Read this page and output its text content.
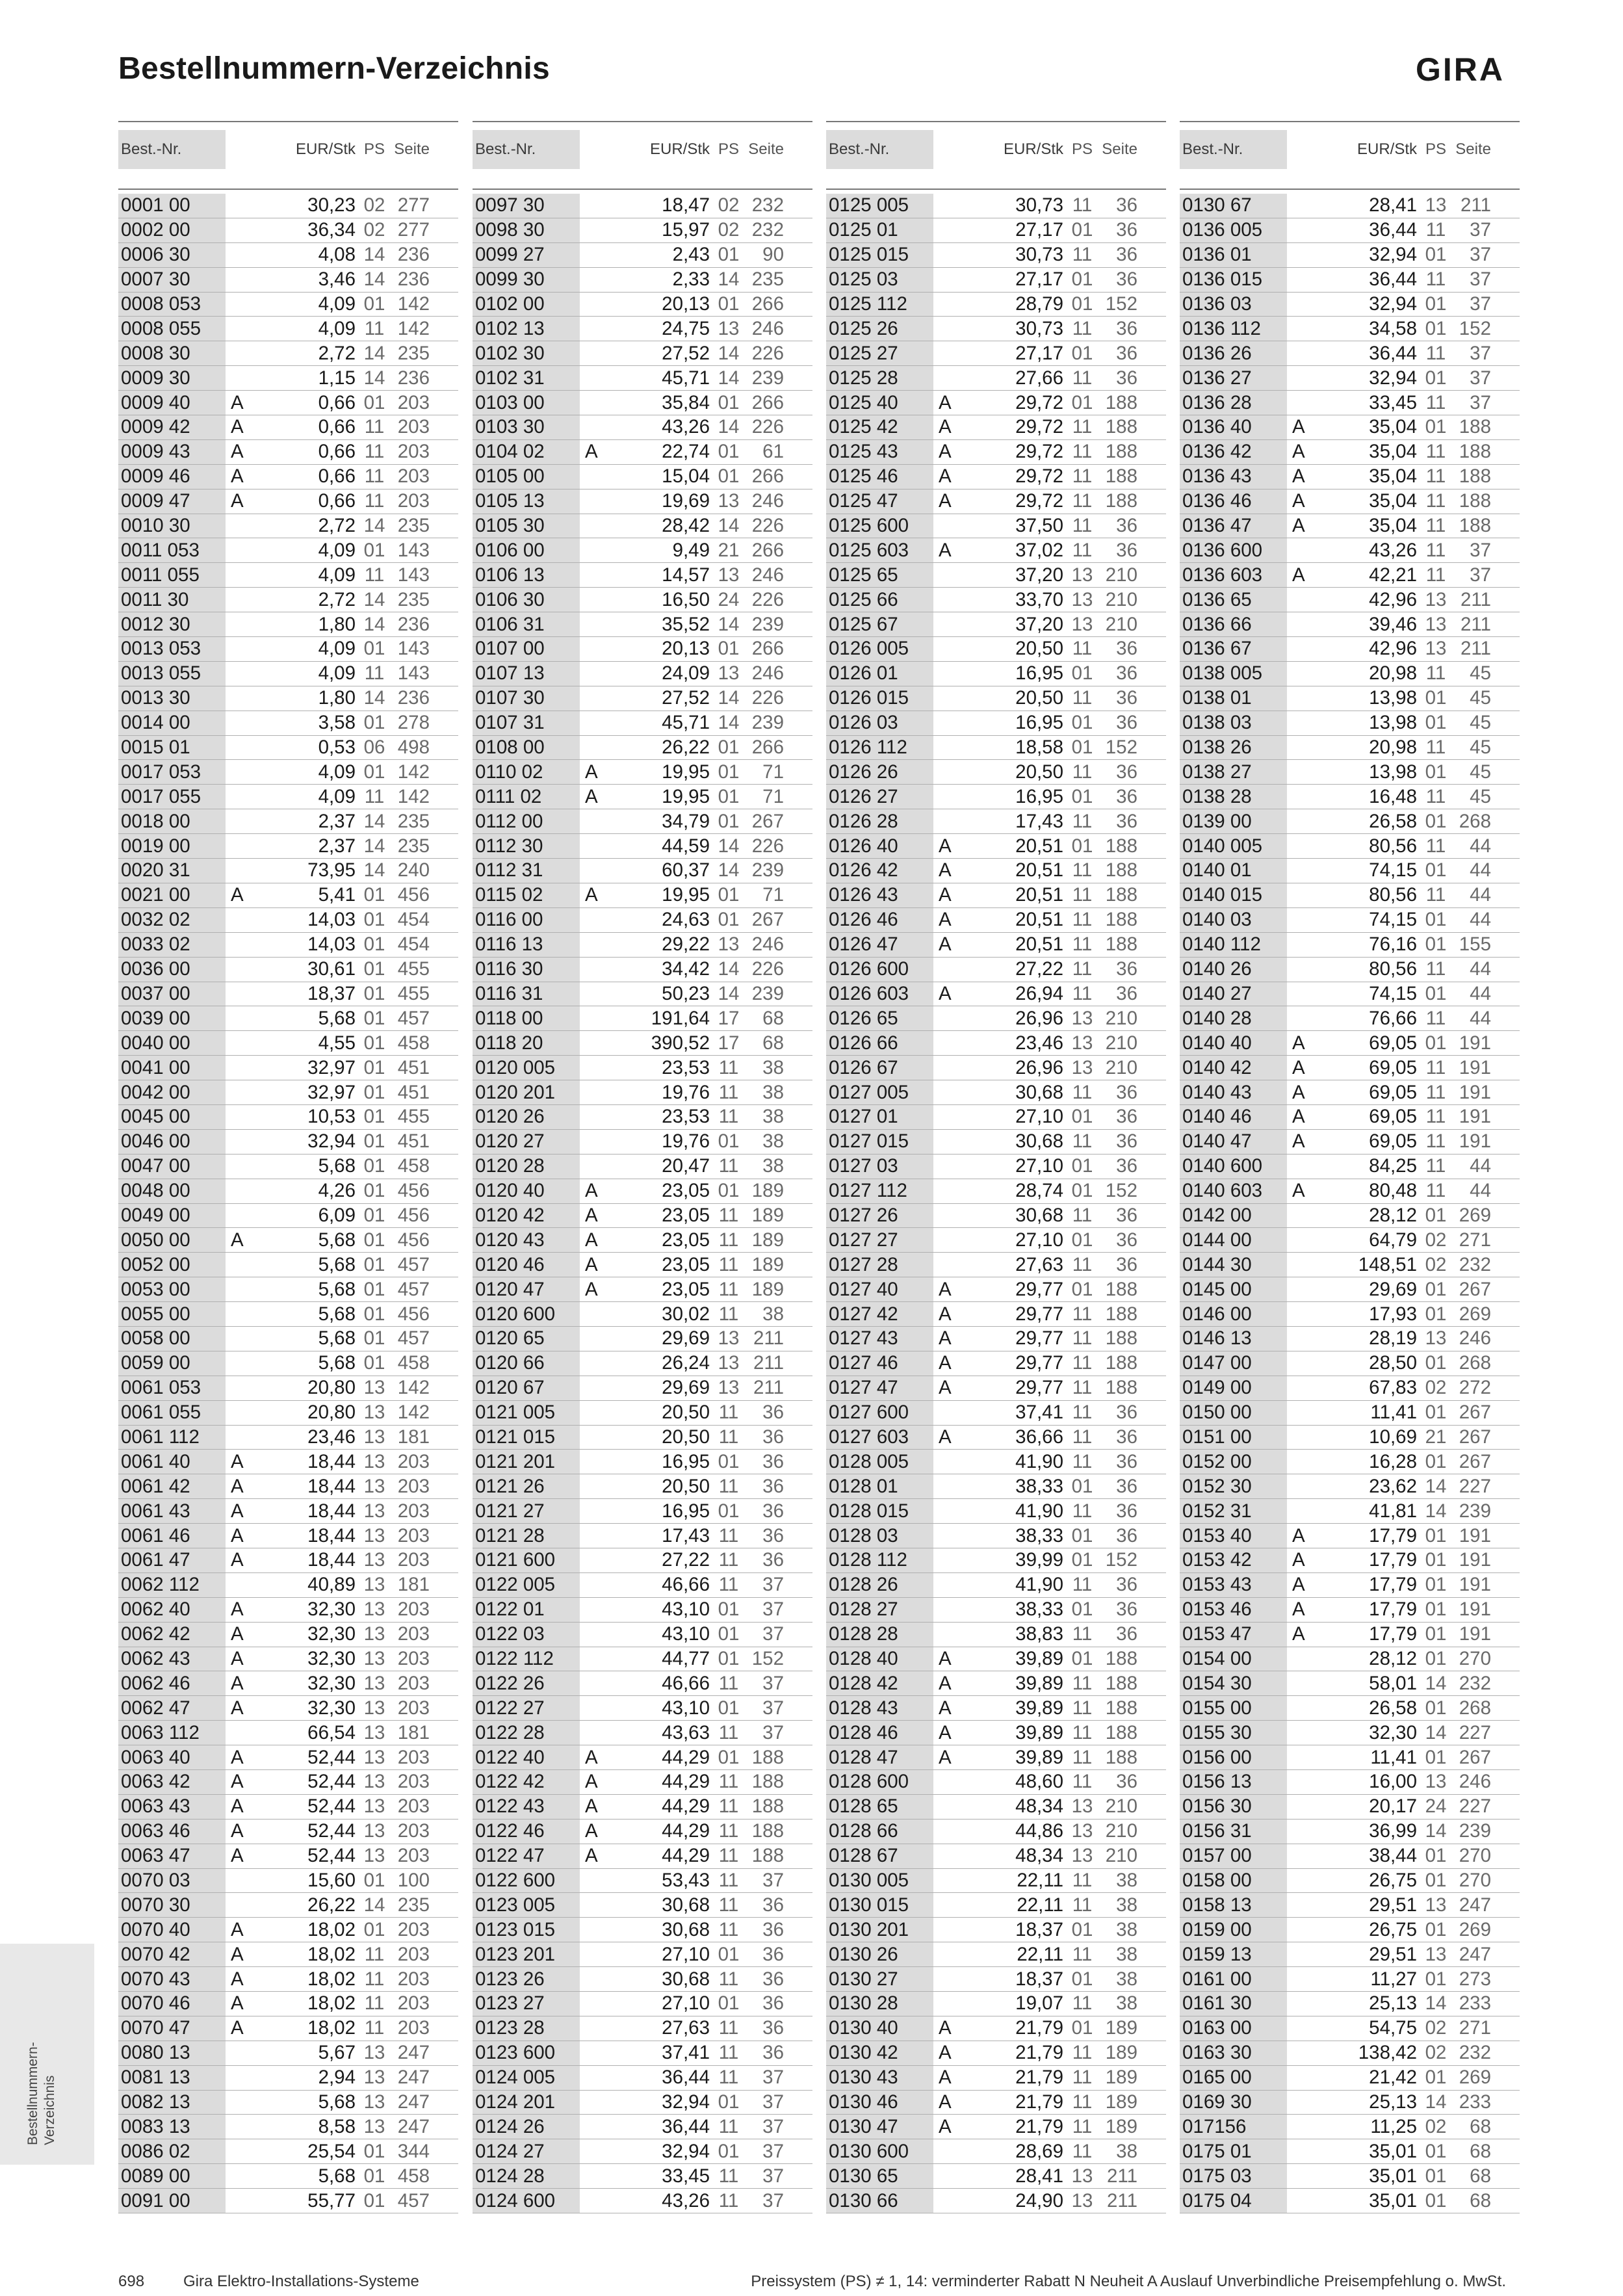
Bestellnummern-Verzeichnis	GIRA
Best.-Nr.	EUR/Stk PS Seite
0001 00	30,23 02 277
0002 00	36,34 02 277
0006 30	4,08 14 236
0007 30	3,46 14 236
0008 053	4,09 01 142
0008 055	4,09 11 142
0008 30	2,72 14 235
0009 30	1,15 14 236
0009 40	A	0,66 01 203
0009 42	A	0,66 11 203
0009 43	A	0,66 11 203
0009 46	A	0,66 11 203
0009 47	A	0,66 11 203
0010 30	2,72 14 235
0011 053	4,09 01 143
0011 055	4,09 11 143
0011 30	2,72 14 235
0012 30	1,80 14 236
0013 053	4,09 01 143
0013 055	4,09 11 143
0013 30	1,80 14 236
0014 00	3,58 01 278
0015 01	0,53 06 498
0017 053	4,09 01 142
0017 055	4,09 11 142
0018 00	2,37 14 235
0019 00	2,37 14 235
0020 31	73,95 14 240
0021 00	A	5,41 01 456
0032 02	14,03 01 454
0033 02	14,03 01 454
0036 00	30,61 01 455
0037 00	18,37 01 455
0039 00	5,68 01 457
0040 00	4,55 01 458
0041 00	32,97 01 451
0042 00	32,97 01 451
0045 00	10,53 01 455
0046 00	32,94 01 451
0047 00	5,68 01 458
0048 00	4,26 01 456
0049 00	6,09 01 456
0050 00	A	5,68 01 456
0052 00	5,68 01 457
0053 00	5,68 01 457
0055 00	5,68 01 456
0058 00	5,68 01 457
0059 00	5,68 01 458
0061 053	20,80 13 142
0061 055	20,80 13 142
0061 112	23,46 13 181
0061 40	A	18,44 13 203
0061 42	A	18,44 13 203
0061 43	A	18,44 13 203
0061 46	A	18,44 13 203
0061 47	A	18,44 13 203
0062 112	40,89 13 181
0062 40	A	32,30 13 203
0062 42	A	32,30 13 203
0062 43	A	32,30 13 203
0062 46	A	32,30 13 203
0062 47	A	32,30 13 203
0063 112	66,54 13 181
0063 40	A	52,44 13 203
0063 42	A	52,44 13 203
0063 43	A	52,44 13 203
0063 46	A	52,44 13 203
0063 47	A	52,44 13 203
0070 03	15,60 01 100
0070 30	26,22 14 235
0070 40	A	18,02 01 203
0070 42	A	18,02 11 203
0070 43	A	18,02 11 203
0070 46	A	18,02 11 203
0070 47	A	18,02 11 203
0080 13	5,67 13 247
0081 13	2,94 13 247
0082 13	5,68 13 247
0083 13	8,58 13 247
0086 02	25,54 01 344
0089 00	5,68 01 458
0091 00	55,77 01 457
Best.-Nr.	EUR/Stk PS Seite
0097 30	18,47 02 232
0098 30	15,97 02 232
0099 27	2,43 01	90
0099 30	2,33 14 235
0102 00	20,13 01 266
0102 13	24,75 13 246
0102 30	27,52 14 226
0102 31	45,71 14 239
0103 00	35,84 01 266
0103 30	43,26 14 226
0104 02	A	22,74 01	61
0105 00	15,04 01 266
0105 13	19,69 13 246
0105 30	28,42 14 226
0106 00	9,49 21 266
0106 13	14,57 13 246
0106 30	16,50 24 226
0106 31	35,52 14 239
0107 00	20,13 01 266
0107 13	24,09 13 246
0107 30	27,52 14 226
0107 31	45,71 14 239
0108 00	26,22 01 266
0110 02	A	19,95 01	71
0111 02	A	19,95 01	71
0112 00	34,79 01 267
0112 30	44,59 14 226
0112 31	60,37 14 239
0115 02	A	19,95 01	71
0116 00	24,63 01 267
0116 13	29,22 13 246
0116 30	34,42 14 226
0116 31	50,23 14 239
0118 00	191,64 17	68
0118 20	390,52 17	68
0120 005	23,53 11	38
0120 201	19,76 11	38
0120 26	23,53 11	38
0120 27	19,76 01	38
0120 28	20,47 11	38
0120 40	A	23,05 01 189
0120 42	A	23,05 11 189
0120 43	A	23,05 11 189
0120 46	A	23,05 11 189
0120 47	A	23,05 11 189
0120 600	30,02 11	38
0120 65	29,69 13 211
0120 66	26,24 13 211
0120 67	29,69 13 211
0121 005	20,50 11	36
0121 015	20,50 11	36
0121 201	16,95 01	36
0121 26	20,50 11	36
0121 27	16,95 01	36
0121 28	17,43 11	36
0121 600	27,22 11	36
0122 005	46,66 11	37
0122 01	43,10 01	37
0122 03	43,10 01	37
0122 112	44,77 01 152
0122 26	46,66 11	37
0122 27	43,10 01	37
0122 28	43,63 11	37
0122 40	A	44,29 01 188
0122 42	A	44,29 11 188
0122 43	A	44,29 11 188
0122 46	A	44,29 11 188
0122 47	A	44,29 11 188
0122 600	53,43 11	37
0123 005	30,68 11	36
0123 015	30,68 11	36
0123 201	27,10 01	36
0123 26	30,68 11	36
0123 27	27,10 01	36
0123 28	27,63 11	36
0123 600	37,41 11	36
0124 005	36,44 11	37
0124 201	32,94 01	37
0124 26	36,44 11	37
0124 27	32,94 01	37
0124 28	33,45 11	37
0124 600	43,26 11	37
Best.-Nr.	EUR/Stk PS Seite
0125 005	30,73 11	36
0125 01	27,17 01	36
0125 015	30,73 11	36
0125 03	27,17 01	36
0125 112	28,79 01 152
0125 26	30,73 11	36
0125 27	27,17 01	36
0125 28	27,66 11	36
0125 40	A	29,72 01 188
0125 42	A	29,72 11 188
0125 43	A	29,72 11 188
0125 46	A	29,72 11 188
0125 47	A	29,72 11 188
0125 600	37,50 11	36
0125 603	A	37,02 11	36
0125 65	37,20 13 210
0125 66	33,70 13 210
0125 67	37,20 13 210
0126 005	20,50 11	36
0126 01	16,95 01	36
0126 015	20,50 11	36
0126 03	16,95 01	36
0126 112	18,58 01 152
0126 26	20,50 11	36
0126 27	16,95 01	36
0126 28	17,43 11	36
0126 40	A	20,51 01 188
0126 42	A	20,51 11 188
0126 43	A	20,51 11 188
0126 46	A	20,51 11 188
0126 47	A	20,51 11 188
0126 600	27,22 11	36
0126 603	A	26,94 11	36
0126 65	26,96 13 210
0126 66	23,46 13 210
0126 67	26,96 13 210
0127 005	30,68 11	36
0127 01	27,10 01	36
0127 015	30,68 11	36
0127 03	27,10 01	36
0127 112	28,74 01 152
0127 26	30,68 11	36
0127 27	27,10 01	36
0127 28	27,63 11	36
0127 40	A	29,77 01 188
0127 42	A	29,77 11 188
0127 43	A	29,77 11 188
0127 46	A	29,77 11 188
0127 47	A	29,77 11 188
0127 600	37,41 11	36
0127 603	A	36,66 11	36
0128 005	41,90 11	36
0128 01	38,33 01	36
0128 015	41,90 11	36
0128 03	38,33 01	36
0128 112	39,99 01 152
0128 26	41,90 11	36
0128 27	38,33 01	36
0128 28	38,83 11	36
0128 40	A	39,89 01 188
0128 42	A	39,89 11 188
0128 43	A	39,89 11 188
0128 46	A	39,89 11 188
0128 47	A	39,89 11 188
0128 600	48,60 11	36
0128 65	48,34 13 210
0128 66	44,86 13 210
0128 67	48,34 13 210
0130 005	22,11 11	38
0130 015	22,11 11	38
0130 201	18,37 01	38
0130 26	22,11 11	38
0130 27	18,37 01	38
0130 28	19,07 11	38
0130 40	A	21,79 01 189
0130 42	A	21,79 11 189
0130 43	A	21,79 11 189
0130 46	A	21,79 11 189
0130 47	A	21,79 11 189
0130 600	28,69 11	38
0130 65	28,41 13 211
0130 66	24,90 13 211
Best.-Nr.	EUR/Stk PS Seite
0130 67	28,41 13 211
0136 005	36,44 11	37
0136 01	32,94 01	37
0136 015	36,44 11	37
0136 03	32,94 01	37
0136 112	34,58 01 152
0136 26	36,44 11	37
0136 27	32,94 01	37
0136 28	33,45 11	37
0136 40	A	35,04 01 188
0136 42	A	35,04 11 188
0136 43	A	35,04 11 188
0136 46	A	35,04 11 188
0136 47	A	35,04 11 188
0136 600	43,26 11	37
0136 603	A	42,21 11	37
0136 65	42,96 13 211
0136 66	39,46 13 211
0136 67	42,96 13 211
0138 005	20,98 11	45
0138 01	13,98 01	45
0138 03	13,98 01	45
0138 26	20,98 11	45
0138 27	13,98 01	45
0138 28	16,48 11	45
0139 00	26,58 01 268
0140 005	80,56 11	44
0140 01	74,15 01	44
0140 015	80,56 11	44
0140 03	74,15 01	44
0140 112	76,16 01 155
0140 26	80,56 11	44
0140 27	74,15 01	44
0140 28	76,66 11	44
0140 40	A	69,05 01 191
0140 42	A	69,05 11 191
0140 43	A	69,05 11 191
0140 46	A	69,05 11 191
0140 47	A	69,05 11 191
0140 600	84,25 11	44
0140 603	A	80,48 11	44
0142 00	28,12 01 269
0144 00	64,79 02 271
0144 30	148,51 02 232
0145 00	29,69 01 267
0146 00	17,93 01 269
0146 13	28,19 13 246
0147 00	28,50 01 268
0149 00	67,83 02 272
0150 00	11,41 01 267
0151 00	10,69 21 267
0152 00	16,28 01 267
0152 30	23,62 14 227
0152 31	41,81 14 239
0153 40	A	17,79 01 191
0153 42	A	17,79 01 191
0153 43	A	17,79 01 191
0153 46	A	17,79 01 191
0153 47	A	17,79 01 191
0154 00	28,12 01 270
0154 30	58,01 14 232
0155 00	26,58 01 268
0155 30	32,30 14 227
0156 00	11,41 01 267
0156 13	16,00 13 246
0156 30	20,17 24 227
0156 31	36,99 14 239
0157 00	38,44 01 270
0158 00	26,75 01 270
0158 13	29,51 13 247
0159 00	26,75 01 269
0159 13	29,51 13 247
0161 00	11,27 01 273
0161 30	25,13 14 233
0163 00	54,75 02 271
0163 30	138,42 02 232
0165 00	21,42 01 269
0169 30	25,13 14 233
017156	11,25 02	68
0175 01	35,01 01	68
0175 03	35,01 01	68
0175 04	35,01 01	68
Bestellnummern- Verzeichnis
698	Gira Elektro-Installations-Systeme	Preissystem (PS) ≠ 1, 14: verminderter Rabatt N Neuheit A Auslauf Unverbindliche Preisempfehlung o. MwSt.
